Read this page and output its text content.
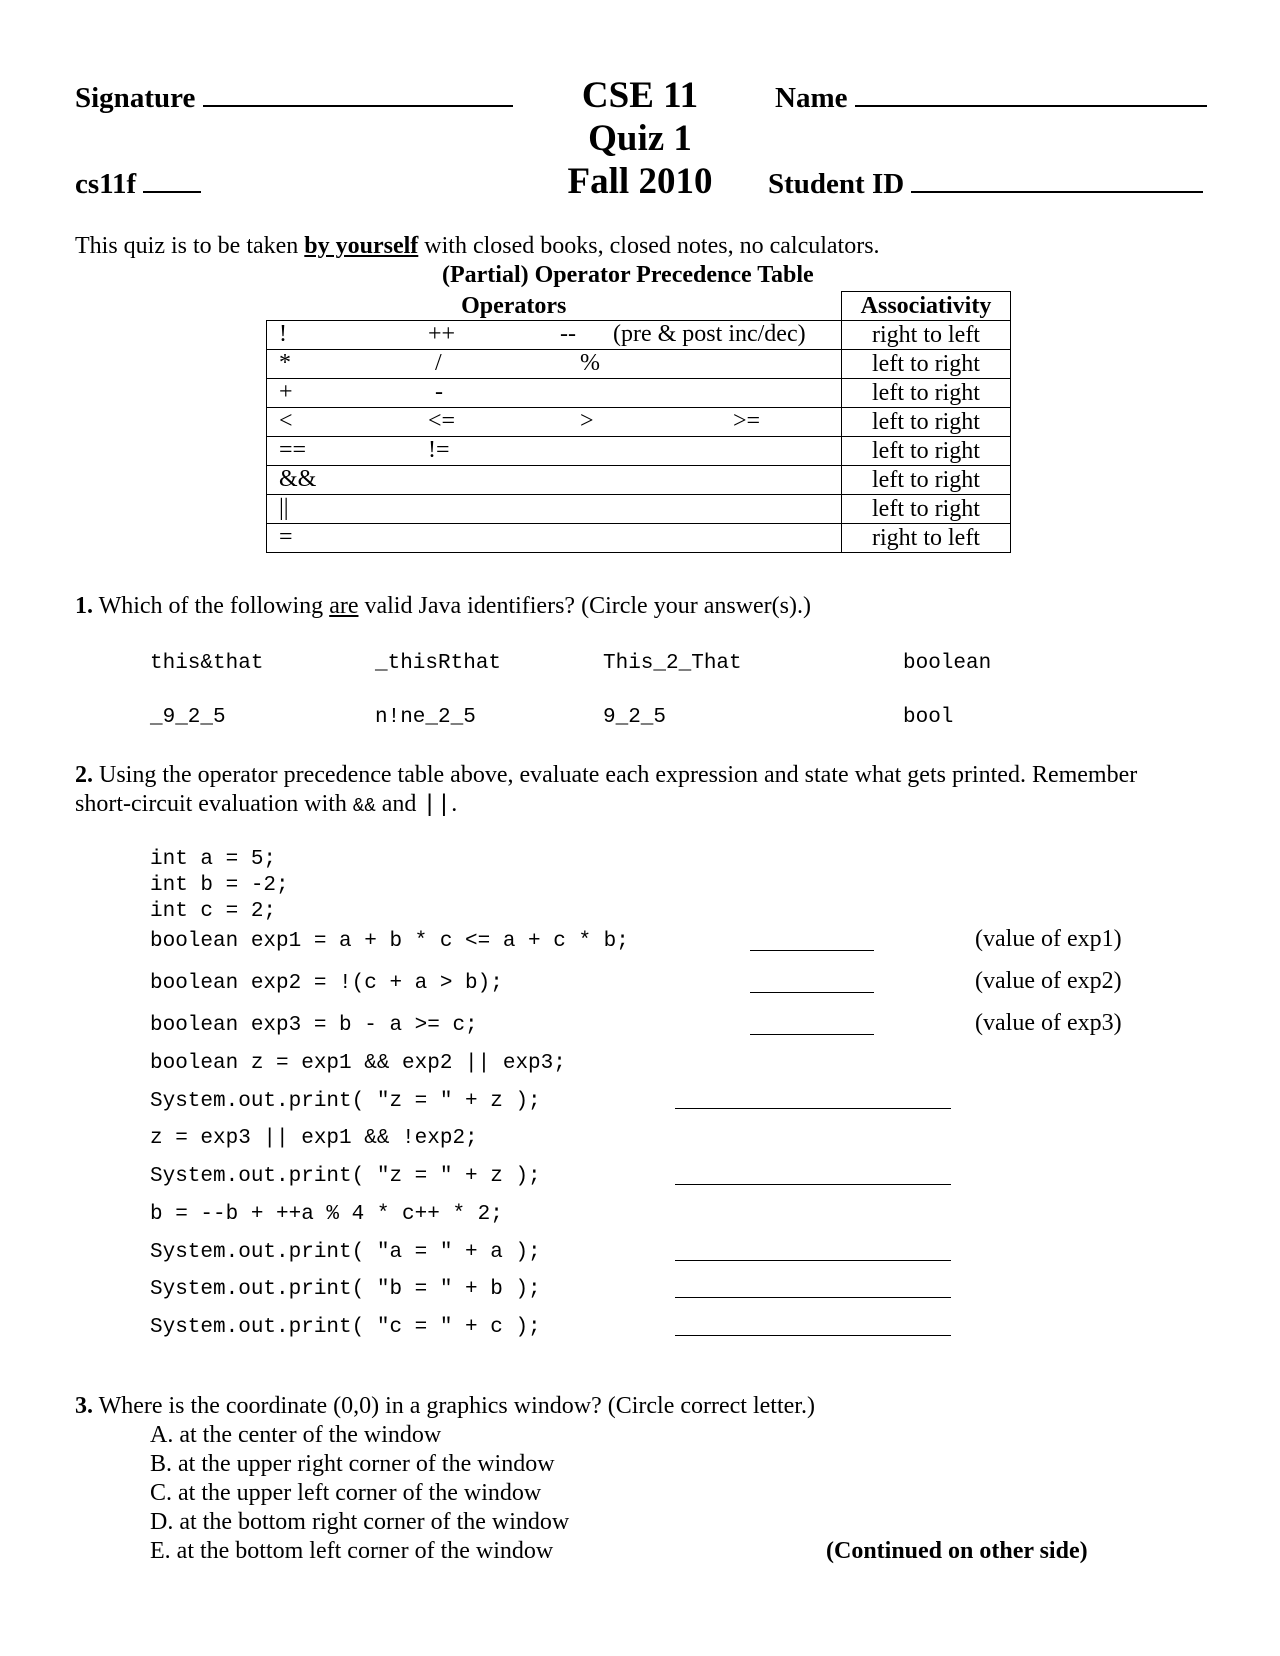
Signature
cs11f
CSE 11
Quiz 1
Fall 2010
Name
Student ID
This quiz is to be taken by yourself with closed books, closed notes, no calculators.
(Partial) Operator Precedence Table
Operators	Associativity

! ++ -- (pre & post inc/dec)	right to left

* / %	left to right

+ -	left to right

< <= > >=	left to right

== !=	left to right

&&	left to right

||	left to right

=	right to left
1. Which of the following are valid Java identifiers? (Circle your answer(s).)
this&that	_thisRthat	This_2_That	boolean
_9_2_5	n!ne_2_5	9_2_5	bool
2. Using the operator precedence table above, evaluate each expression and state what gets printed. Remember
short-circuit evaluation with && and ||.
int a = 5;
int b = -2;
int c = 2;
boolean exp1 = a + b * c <= a + c * b;
boolean exp2 = !(c + a > b);
boolean exp3 = b - a >= c;
boolean z = exp1 && exp2 || exp3;
System.out.print( "z = " + z );
z = exp3 || exp1 && !exp2;
System.out.print( "z = " + z );
b = --b + ++a % 4 * c++ * 2;
System.out.print( "a = " + a );
System.out.print( "b = " + b );
System.out.print( "c = " + c );
(value of exp1)
(value of exp2)
(value of exp3)
3. Where is the coordinate (0,0) in a graphics window? (Circle correct letter.)
A. at the center of the window
B. at the upper right corner of the window
C. at the upper left corner of the window
D. at the bottom right corner of the window
E. at the bottom left corner of the window	(Continued on other side)
